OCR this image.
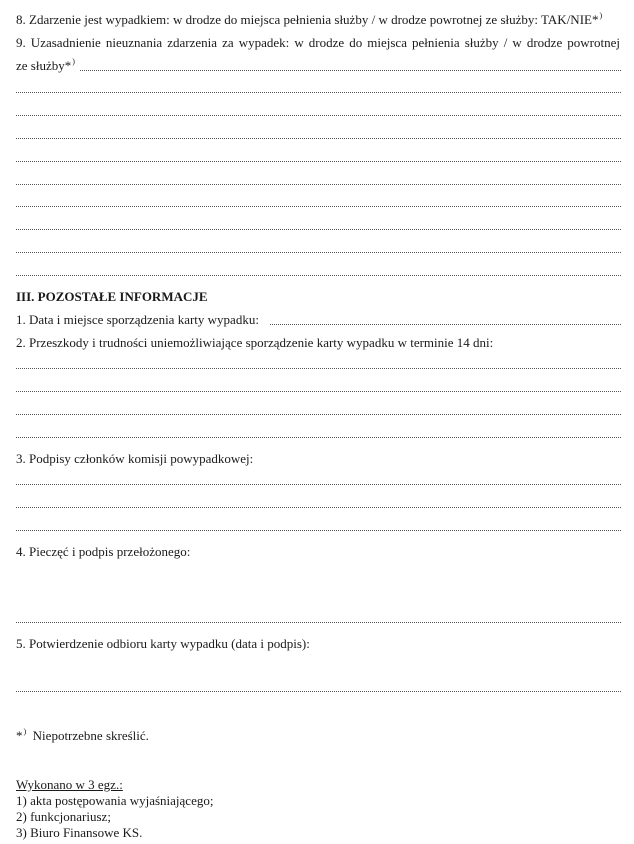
8. Zdarzenie jest wypadkiem: w drodze do miejsca pełnienia służby / w drodze powrotnej ze służby: TAK/NIE*)
9. Uzasadnienie nieuznania zdarzenia za wypadek: w drodze do miejsca pełnienia służby / w drodze powrotnej
ze służby*)
III. POZOSTAŁE INFORMACJE
1. Data i miejsce sporządzenia karty wypadku:
2. Przeszkody i trudności uniemożliwiające sporządzenie karty wypadku w terminie 14 dni:
3. Podpisy członków komisji powypadkowej:
4. Pieczęć i podpis przełożonego:
5. Potwierdzenie odbioru karty wypadku (data i podpis):
*) Niepotrzebne skreślić.
Wykonano w 3 egz.:
1) akta postępowania wyjaśniającego;
2) funkcjonariusz;
3) Biuro Finansowe KS.
